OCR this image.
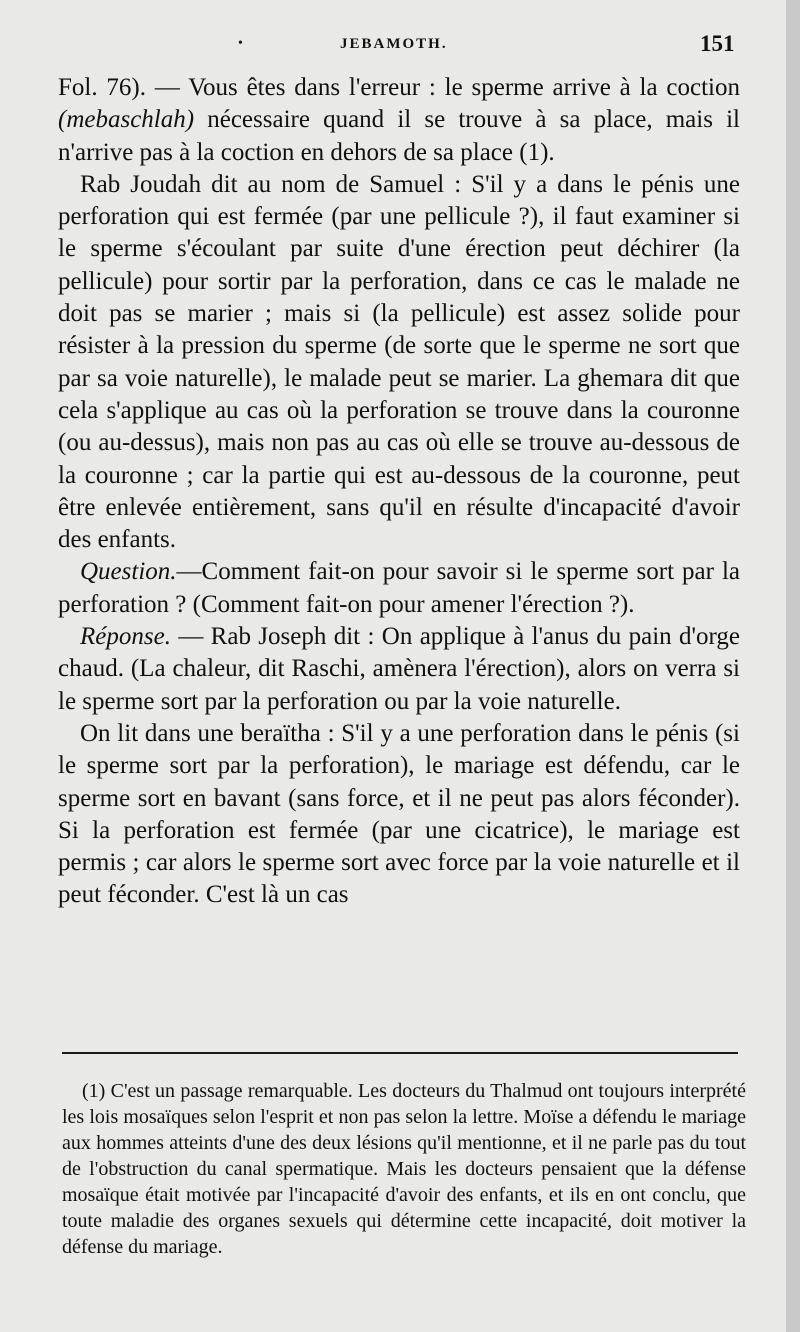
•	JEBAMOTH.	151

Fol. 76). — Vous êtes dans l'erreur : le sperme arrive à la coction (mebaschlah) nécessaire quand il se trouve à sa place, mais il n'arrive pas à la coction en dehors de sa place (1).

Rab Joudah dit au nom de Samuel : S'il y a dans le pénis une perforation qui est fermée (par une pellicule ?), il faut examiner si le sperme s'écoulant par suite d'une érection peut déchirer (la pellicule) pour sortir par la perforation, dans ce cas le malade ne doit pas se marier ; mais si (la pellicule) est assez solide pour résister à la pression du sperme (de sorte que le sperme ne sort que par sa voie naturelle), le malade peut se marier. La ghemara dit que cela s'applique au cas où la perforation se trouve dans la couronne (ou au-dessus), mais non pas au cas où elle se trouve au-dessous de la couronne ; car la partie qui est au-dessous de la couronne, peut être enlevée entièrement, sans qu'il en résulte d'incapacité d'avoir des enfants.

Question.—Comment fait-on pour savoir si le sperme sort par la perforation ? (Comment fait-on pour amener l'érection ?).

Réponse. — Rab Joseph dit : On applique à l'anus du pain d'orge chaud. (La chaleur, dit Raschi, amènera l'érection), alors on verra si le sperme sort par la perforation ou par la voie naturelle.

On lit dans une beraïtha : S'il y a une perforation dans le pénis (si le sperme sort par la perforation), le mariage est défendu, car le sperme sort en bavant (sans force, et il ne peut pas alors féconder). Si la perforation est fermée (par une cicatrice), le mariage est permis ; car alors le sperme sort avec force par la voie naturelle et il peut féconder. C'est là un cas

(1) C'est un passage remarquable. Les docteurs du Thalmud ont toujours interprété les lois mosaïques selon l'esprit et non pas selon la lettre. Moïse a défendu le mariage aux hommes atteints d'une des deux lésions qu'il mentionne, et il ne parle pas du tout de l'obstruction du canal spermatique. Mais les docteurs pensaient que la défense mosaïque était motivée par l'incapacité d'avoir des enfants, et ils en ont conclu, que toute maladie des organes sexuels qui détermine cette incapacité, doit motiver la défense du mariage.
